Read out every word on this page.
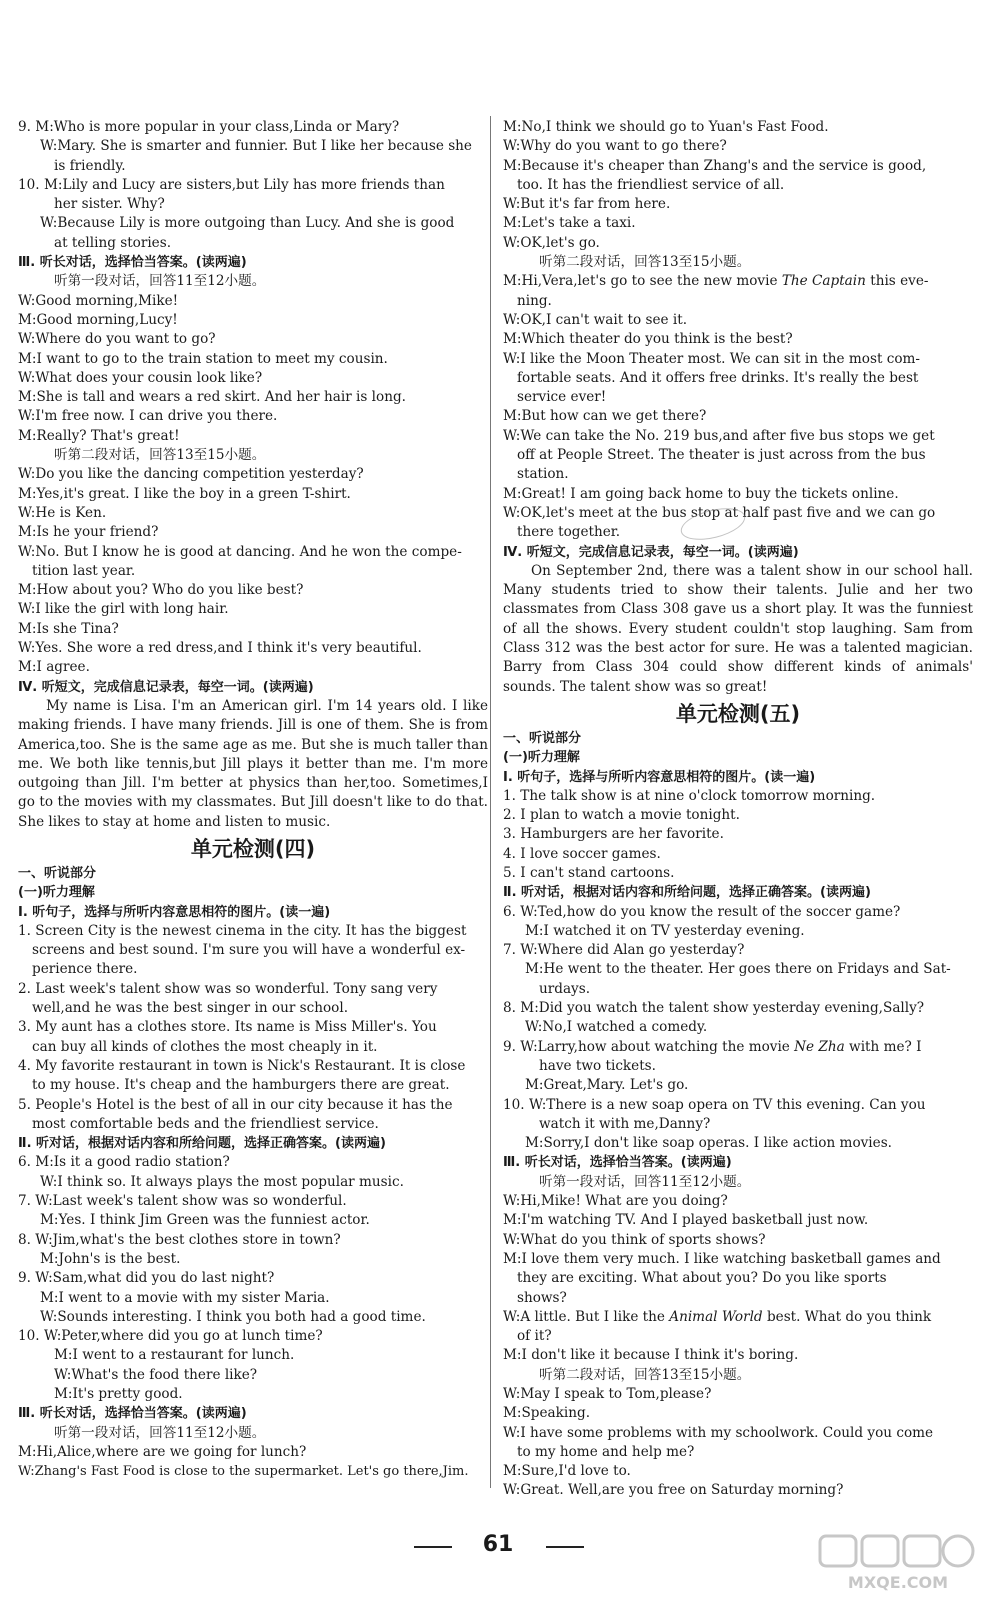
9. M:Who is more popular in your class,Linda or Mary?
W:Mary. She is smarter and funnier. But I like her because she
is friendly.
10. M:Lily and Lucy are sisters,but Lily has more friends than
her sister. Why?
W:Because Lily is more outgoing than Lucy. And she is good
at telling stories.
Ⅲ. 听长对话，选择恰当答案。(读两遍)
听第一段对话，回答11至12小题。
W:Good morning,Mike!
M:Good morning,Lucy!
W:Where do you want to go?
M:I want to go to the train station to meet my cousin.
W:What does your cousin look like?
M:She is tall and wears a red skirt. And her hair is long.
W:I'm free now. I can drive you there.
M:Really? That's great!
听第二段对话，回答13至15小题。
W:Do you like the dancing competition yesterday?
M:Yes,it's great. I like the boy in a green T-shirt.
W:He is Ken.
M:Is he your friend?
W:No. But I know he is good at dancing. And he won the compe-
tition last year.
M:How about you? Who do you like best?
W:I like the girl with long hair.
M:Is she Tina?
W:Yes. She wore a red dress,and I think it's very beautiful.
M:I agree.
Ⅳ. 听短文，完成信息记录表，每空一词。(读两遍)
My name is Lisa. I'm an American girl. I'm 14 years old. I like making friends. I have many friends. Jill is one of them. She is from America,too. She is the same age as me. But she is much taller than me. We both like tennis,but Jill plays it better than me. I'm more outgoing than Jill. I'm better at physics than her,too. Sometimes,I go to the movies with my classmates. But Jill doesn't like to do that. She likes to stay at home and listen to music.
单元检测(四)
一、听说部分
(一)听力理解
Ⅰ. 听句子，选择与所听内容意思相符的图片。(读一遍)
1. Screen City is the newest cinema in the city. It has the biggest
screens and best sound. I'm sure you will have a wonderful ex-
perience there.
2. Last week's talent show was so wonderful. Tony sang very
well,and he was the best singer in our school.
3. My aunt has a clothes store. Its name is Miss Miller's. You
can buy all kinds of clothes the most cheaply in it.
4. My favorite restaurant in town is Nick's Restaurant. It is close
to my house. It's cheap and the hamburgers there are great.
5. People's Hotel is the best of all in our city because it has the
most comfortable beds and the friendliest service.
Ⅱ. 听对话，根据对话内容和所给问题，选择正确答案。(读两遍)
6. M:Is it a good radio station?
W:I think so. It always plays the most popular music.
7. W:Last week's talent show was so wonderful.
M:Yes. I think Jim Green was the funniest actor.
8. W:Jim,what's the best clothes store in town?
M:John's is the best.
9. W:Sam,what did you do last night?
M:I went to a movie with my sister Maria.
W:Sounds interesting. I think you both had a good time.
10. W:Peter,where did you go at lunch time?
M:I went to a restaurant for lunch.
W:What's the food there like?
M:It's pretty good.
Ⅲ. 听长对话，选择恰当答案。(读两遍)
听第一段对话，回答11至12小题。
M:Hi,Alice,where are we going for lunch?
W:Zhang's Fast Food is close to the supermarket. Let's go there,Jim.
M:No,I think we should go to Yuan's Fast Food.
W:Why do you want to go there?
M:Because it's cheaper than Zhang's and the service is good,
too. It has the friendliest service of all.
W:But it's far from here.
M:Let's take a taxi.
W:OK,let's go.
听第二段对话，回答13至15小题。
M:Hi,Vera,let's go to see the new movie The Captain this eve-
ning.
W:OK,I can't wait to see it.
M:Which theater do you think is the best?
W:I like the Moon Theater most. We can sit in the most com-
fortable seats. And it offers free drinks. It's really the best
service ever!
M:But how can we get there?
W:We can take the No. 219 bus,and after five bus stops we get
off at People Street. The theater is just across from the bus
station.
M:Great! I am going back home to buy the tickets online.
W:OK,let's meet at the bus stop at half past five and we can go
there together.
Ⅳ. 听短文，完成信息记录表，每空一词。(读两遍)
On September 2nd, there was a talent show in our school hall. Many students tried to show their talents. Julie and her two classmates from Class 308 gave us a short play. It was the funniest of all the shows. Every student couldn't stop laughing. Sam from Class 312 was the best actor for sure. He was a talented magician. Barry from Class 304 could show different kinds of animals' sounds. The talent show was so great!
单元检测(五)
一、听说部分
(一)听力理解
Ⅰ. 听句子，选择与所听内容意思相符的图片。(读一遍)
1. The talk show is at nine o'clock tomorrow morning.
2. I plan to watch a movie tonight.
3. Hamburgers are her favorite.
4. I love soccer games.
5. I can't stand cartoons.
Ⅱ. 听对话，根据对话内容和所给问题，选择正确答案。(读两遍)
6. W:Ted,how do you know the result of the soccer game?
M:I watched it on TV yesterday evening.
7. W:Where did Alan go yesterday?
M:He went to the theater. Her goes there on Fridays and Sat-
urdays.
8. M:Did you watch the talent show yesterday evening,Sally?
W:No,I watched a comedy.
9. W:Larry,how about watching the movie Ne Zha with me? I
have two tickets.
M:Great,Mary. Let's go.
10. W:There is a new soap opera on TV this evening. Can you
watch it with me,Danny?
M:Sorry,I don't like soap operas. I like action movies.
Ⅲ. 听长对话，选择恰当答案。(读两遍)
听第一段对话，回答11至12小题。
W:Hi,Mike! What are you doing?
M:I'm watching TV. And I played basketball just now.
W:What do you think of sports shows?
M:I love them very much. I like watching basketball games and
they are exciting. What about you? Do you like sports
shows?
W:A little. But I like the Animal World best. What do you think
of it?
M:I don't like it because I think it's boring.
听第二段对话，回答13至15小题。
W:May I speak to Tom,please?
M:Speaking.
W:I have some problems with my schoolwork. Could you come
to my home and help me?
M:Sure,I'd love to.
W:Great. Well,are you free on Saturday morning?
61
MXQE.COM
